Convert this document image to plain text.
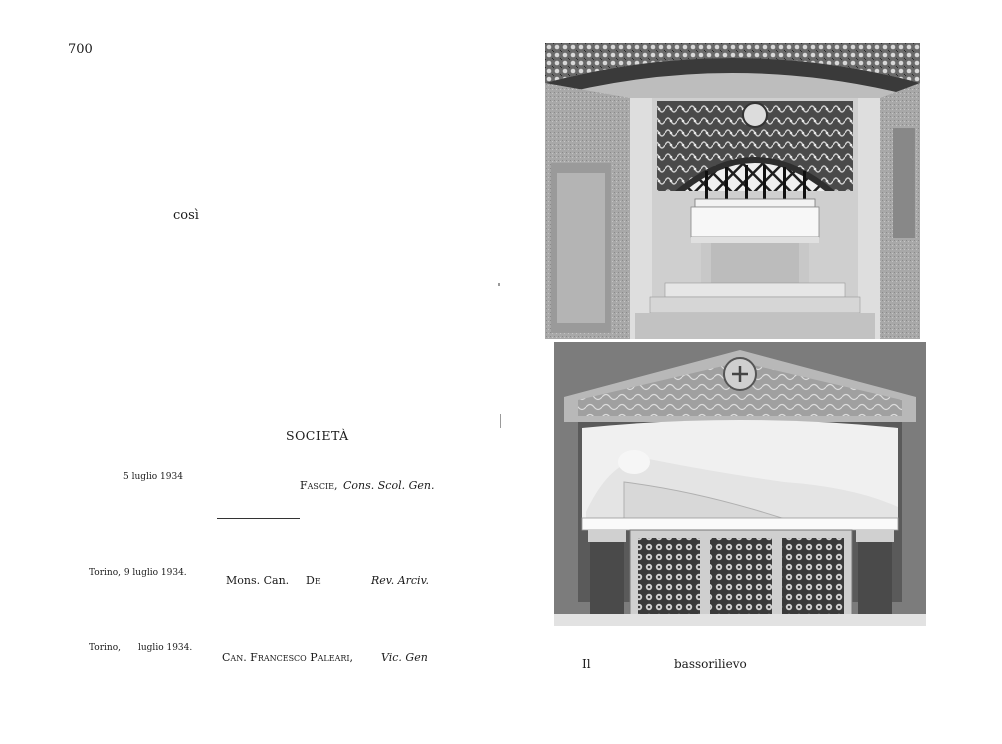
700
così
SOCIETÀ
5 luglio 1934
Fascie, Cons. Scol. Gen.
Torino, 9 luglio 1934.
Mons. Can. De	Rev. Arciv.
Torino, luglio 1934.
Can. Francesco Paleari,	Vic. Gen	Il	bassorilievo
